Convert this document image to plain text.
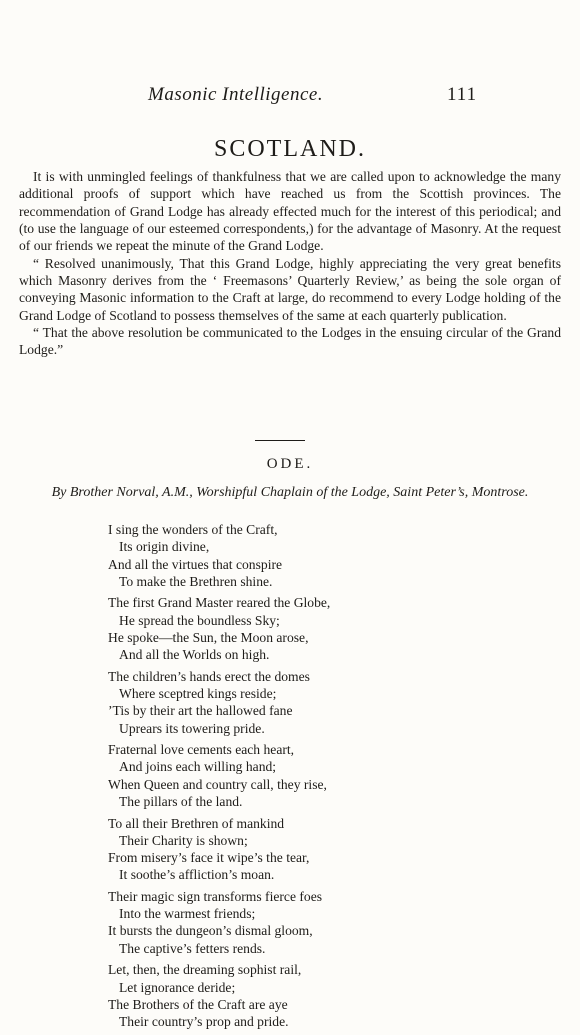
Masonic Intelligence.	111
SCOTLAND.

It is with unmingled feelings of thankfulness that we are called upon to acknowledge the many additional proofs of support which have reached us from the Scottish provinces. The recommendation of Grand Lodge has already effected much for the interest of this periodical; and (to use the language of our esteemed correspondents,) for the advantage of Masonry. At the request of our friends we repeat the minute of the Grand Lodge.

“ Resolved unanimously, That this Grand Lodge, highly appreciating the very great benefits which Masonry derives from the ‘ Freemasons’ Quarterly Review,’ as being the sole organ of conveying Masonic information to the Craft at large, do recommend to every Lodge holding of the Grand Lodge of Scotland to possess themselves of the same at each quarterly publication.

“ That the above resolution be communicated to the Lodges in the ensuing circular of the Grand Lodge.”

ODE.
By Brother Norval, A.M., Worshipful Chaplain of the Lodge, Saint Peter’s, Montrose.
I sing the wonders of the Craft,
Its origin divine,
And all the virtues that conspire
To make the Brethren shine.
The first Grand Master reared the Globe,
He spread the boundless Sky;
He spoke—the Sun, the Moon arose,
And all the Worlds on high.
The children’s hands erect the domes
Where sceptred kings reside;
’Tis by their art the hallowed fane
Uprears its towering pride.
Fraternal love cements each heart,
And joins each willing hand;
When Queen and country call, they rise,
The pillars of the land.
To all their Brethren of mankind
Their Charity is shown;
From misery’s face it wipe’s the tear,
It soothe’s affliction’s moan.
Their magic sign transforms fierce foes
Into the warmest friends;
It bursts the dungeon’s dismal gloom,
The captive’s fetters rends.
Let, then, the dreaming sophist rail,
Let ignorance deride;
The Brothers of the Craft are aye
Their country’s prop and pride.
